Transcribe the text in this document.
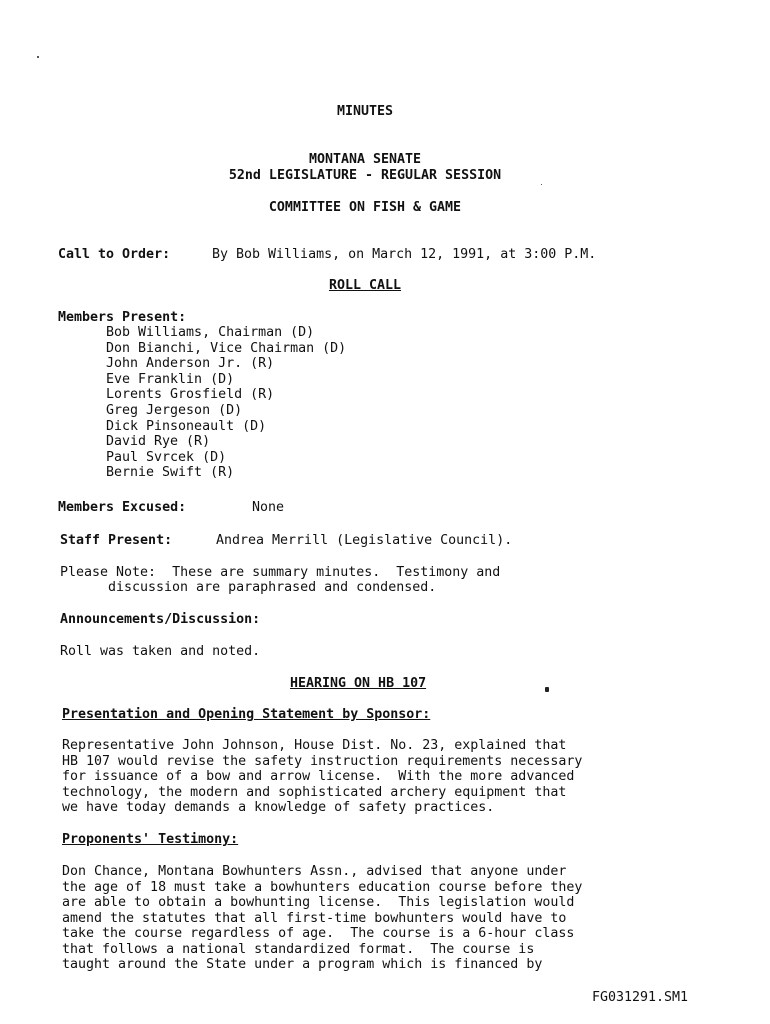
MINUTES
MONTANA SENATE
52nd LEGISLATURE - REGULAR SESSION
COMMITTEE ON FISH & GAME
Call to Order:	By Bob Williams, on March 12, 1991, at 3:00 P.M.
ROLL CALL
Members Present:
Bob Williams, Chairman (D)
Don Bianchi, Vice Chairman (D)
John Anderson Jr. (R)
Eve Franklin (D)
Lorents Grosfield (R)
Greg Jergeson (D)
Dick Pinsoneault (D)
David Rye (R)
Paul Svrcek (D)
Bernie Swift (R)
Members Excused:	None
Staff Present:	Andrea Merrill (Legislative Council).
Please Note:  These are summary minutes.  Testimony and
discussion are paraphrased and condensed.
Announcements/Discussion:
Roll was taken and noted.
HEARING ON HB 107
Presentation and Opening Statement by Sponsor:
Representative John Johnson, House Dist. No. 23, explained that
HB 107 would revise the safety instruction requirements necessary
for issuance of a bow and arrow license.  With the more advanced
technology, the modern and sophisticated archery equipment that
we have today demands a knowledge of safety practices.
Proponents' Testimony:
Don Chance, Montana Bowhunters Assn., advised that anyone under
the age of 18 must take a bowhunters education course before they
are able to obtain a bowhunting license.  This legislation would
amend the statutes that all first-time bowhunters would have to
take the course regardless of age.  The course is a 6-hour class
that follows a national standardized format.  The course is
taught around the State under a program which is financed by
FG031291.SM1
